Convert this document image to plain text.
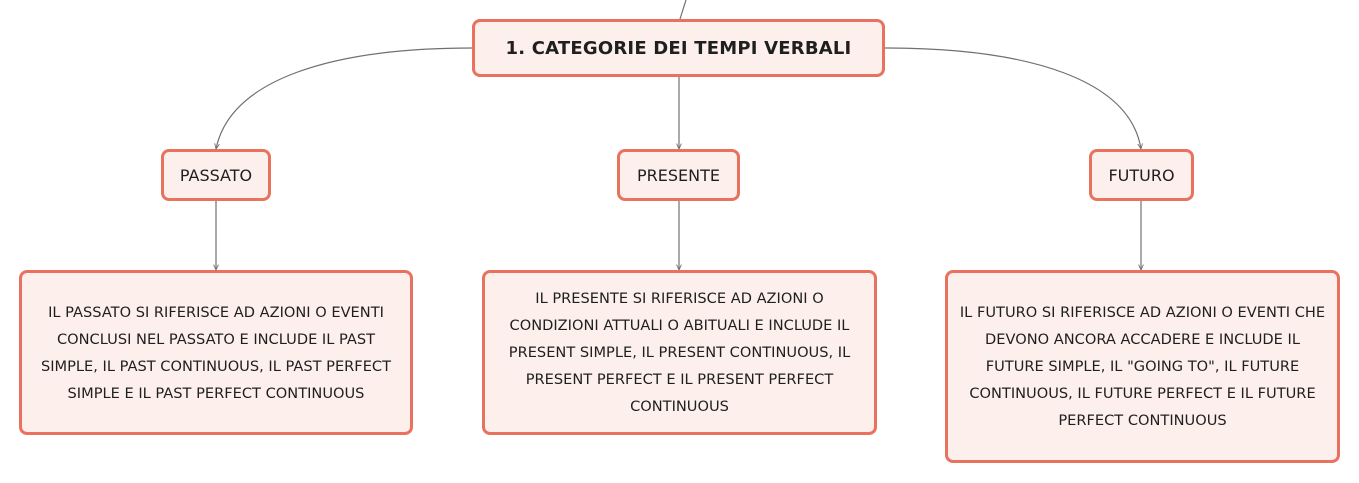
1. CATEGORIE DEI TEMPI VERBALI
PASSATO	PRESENTE	FUTURO
IL PASSATO SI RIFERISCE AD AZIONI O EVENTI CONCLUSI NEL PASSATO E INCLUDE IL PAST SIMPLE, IL PAST CONTINUOUS, IL PAST PERFECT SIMPLE E IL PAST PERFECT CONTINUOUS
IL PRESENTE SI RIFERISCE AD AZIONI O CONDIZIONI ATTUALI O ABITUALI E INCLUDE IL PRESENT SIMPLE, IL PRESENT CONTINUOUS, IL PRESENT PERFECT E IL PRESENT PERFECT CONTINUOUS
IL FUTURO SI RIFERISCE AD AZIONI O EVENTI CHE DEVONO ANCORA ACCADERE E INCLUDE IL FUTURE SIMPLE, IL "GOING TO", IL FUTURE CONTINUOUS, IL FUTURE PERFECT E IL FUTURE PERFECT CONTINUOUS
